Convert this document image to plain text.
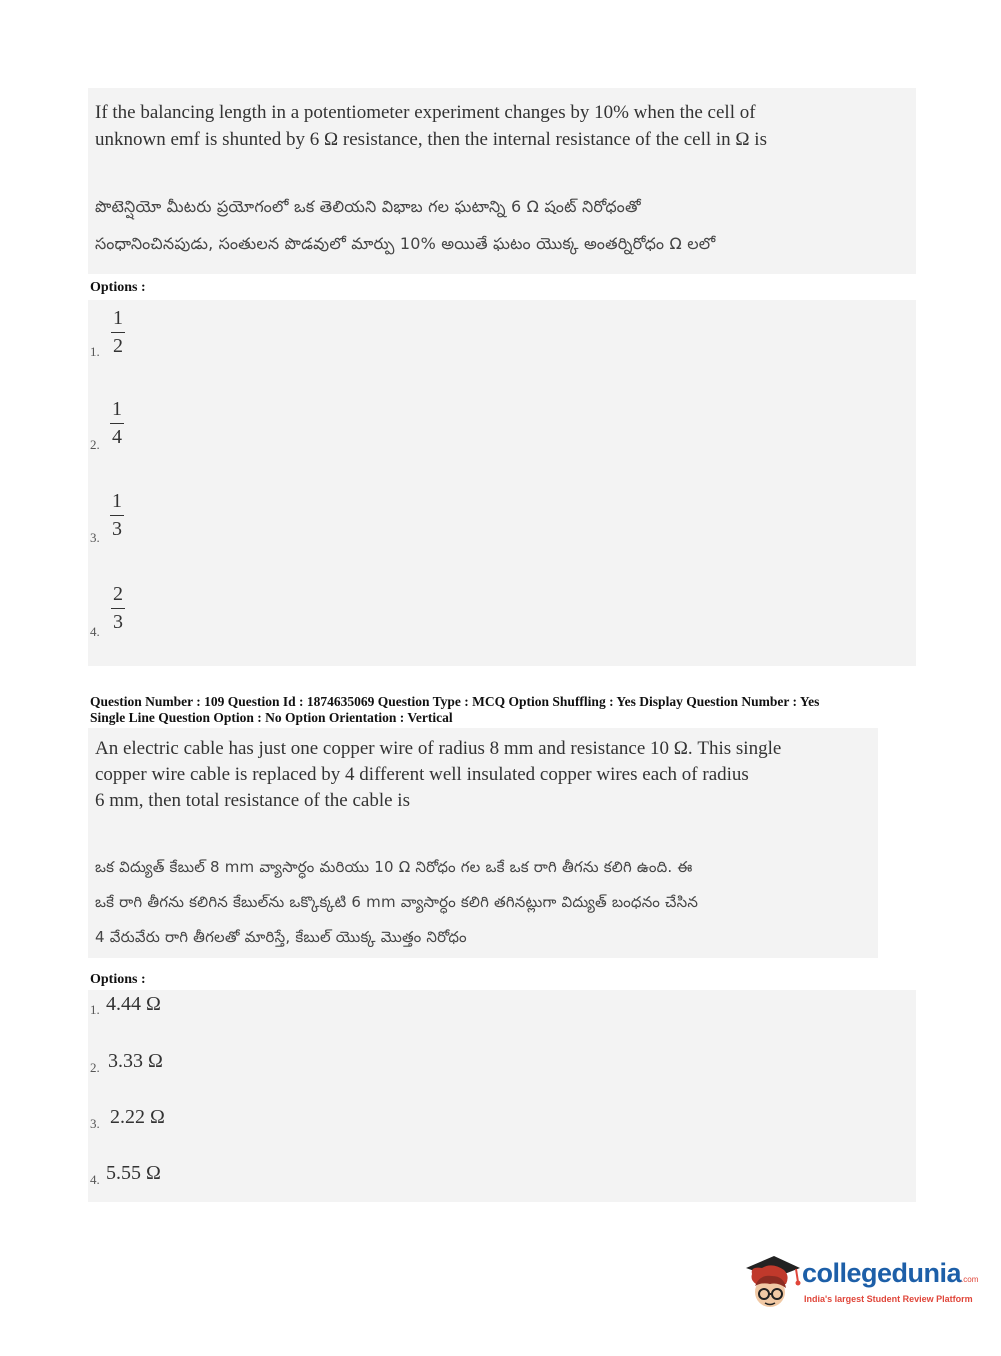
If the balancing length in a potentiometer experiment changes by 10% when the cell of
unknown emf is shunted by 6 Ω resistance, then the internal resistance of the cell in Ω is
పొటెన్షియో మీటరు ప్రయోగంలో ఒక తెలియని విభాబ గల ఘటాన్ని 6 Ω షంట్ నిరోధంతో
సంధానించినపుడు, సంతులన పొడవులో మార్పు 10% అయితే ఘటం యొక్క అంతర్నిరోధం Ω లలో
Options :
1.
1
2
2.
1
4
3.
1
3
4.
2
3
Question Number : 109 Question Id : 1874635069 Question Type : MCQ Option Shuffling : Yes Display Question Number : Yes
Single Line Question Option : No Option Orientation : Vertical
An electric cable has just one copper wire of radius 8 mm and resistance 10 Ω. This single
copper wire cable is replaced by 4 different well insulated copper wires each of radius
6 mm, then total resistance of the cable is
ఒక విద్యుత్ కేబుల్ 8 mm వ్యాసార్ధం మరియు 10 Ω నిరోధం గల ఒకే ఒక రాగి తీగను కలిగి ఉంది. ఈ
ఒకే రాగి తీగను కలిగిన కేబుల్‌ను ఒక్కొక్కటి 6 mm వ్యాసార్ధం కలిగి తగినట్లుగా విద్యుత్ బంధనం చేసిన
4 వేరువేరు రాగి తీగలతో మారిస్తే, కేబుల్ యొక్క మొత్తం నిరోధం
Options :
1. 4.44 Ω
2. 3.33 Ω
3. 2.22 Ω
4. 5.55 Ω
collegedunia.com
India's largest Student Review Platform
